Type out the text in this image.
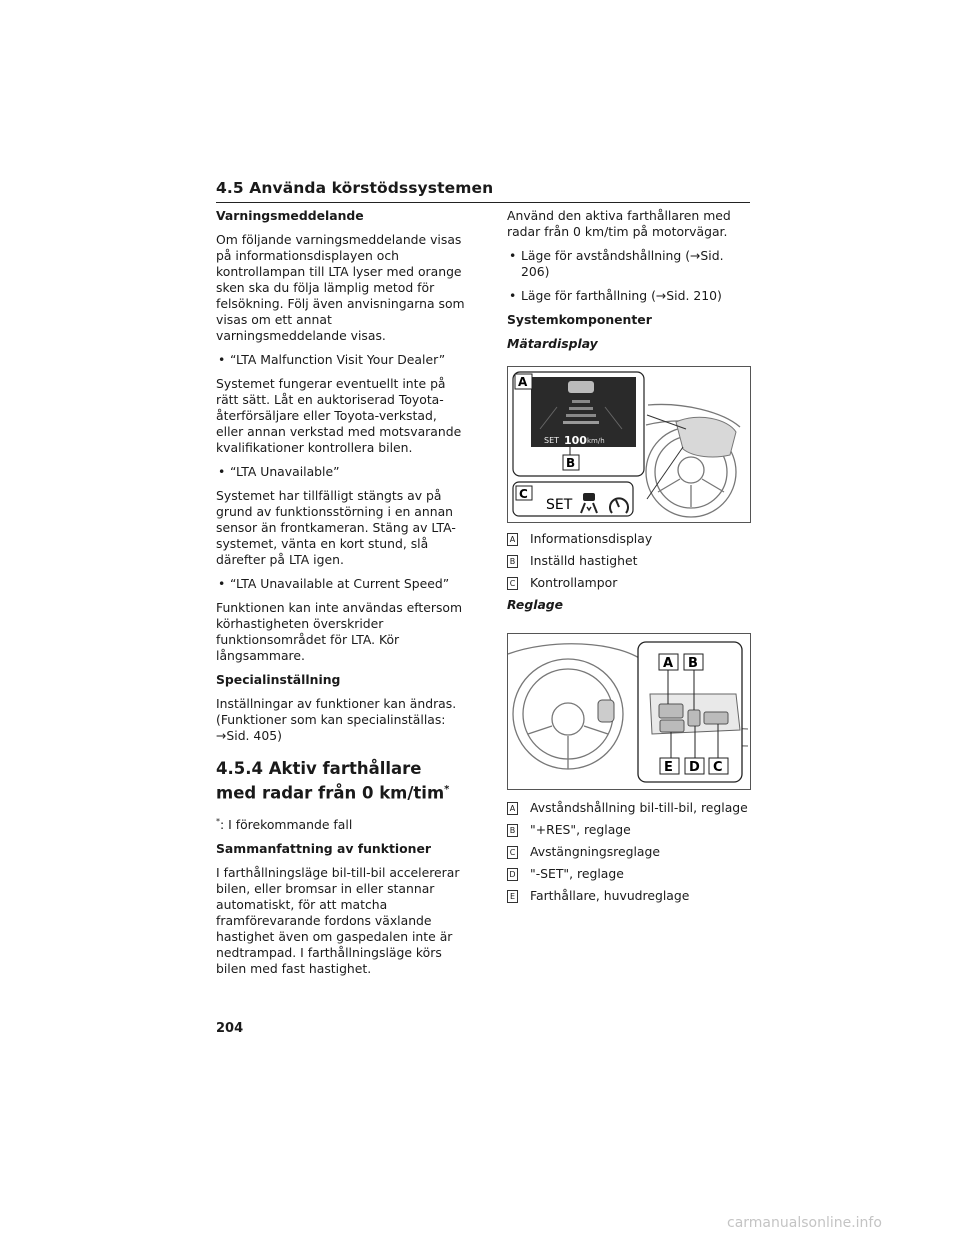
4.5 Använda körstödssystemen

Varningsmeddelande

Om följande varningsmeddelande visas på informationsdisplayen och kontrollampan till LTA lyser med orange sken ska du följa lämplig metod för felsökning. Följ även anvisningarna som visas om ett annat varningsmeddelande visas.

• “LTA Malfunction Visit Your Dealer”

Systemet fungerar eventuellt inte på rätt sätt. Låt en auktoriserad Toyota-återförsäljare eller Toyota-verkstad, eller annan verkstad med motsvarande kvalifikationer kontrollera bilen.

• “LTA Unavailable”

Systemet har tillfälligt stängts av på grund av funktionsstörning i en annan sensor än frontkameran. Stäng av LTA-systemet, vänta en kort stund, slå därefter på LTA igen.

• “LTA Unavailable at Current Speed”

Funktionen kan inte användas eftersom körhastigheten överskrider funktionsområdet för LTA. Kör långsammare.

Specialinställning

Inställningar av funktioner kan ändras. (Funktioner som kan specialinställas: →Sid. 405)

4.5.4 Aktiv farthållare med radar från 0 km/tim*

*: I förekommande fall

Sammanfattning av funktioner

I farthållningsläge bil-till-bil accelererar bilen, eller bromsar in eller stannar automatiskt, för att matcha framförevarande fordons växlande hastighet även om gaspedalen inte är nedtrampad. I farthållningsläge körs bilen med fast hastighet.

Använd den aktiva farthållaren med radar från 0 km/tim på motorvägar.

• Läge för avståndshållning (→Sid. 206)

• Läge för farthållning (→Sid. 210)

Systemkomponenter

Mätardisplay

SET 100 km/h
A
B
C
SET
A Informationsdisplay
B Inställd hastighet
C Kontrollampor

Reglage

A B
E D C
A Avståndshållning bil-till-bil, reglage
B "+RES", reglage
C Avstängningsreglage
D "-SET", reglage
E Farthållare, huvudreglage
204
carmanualsonline.info
